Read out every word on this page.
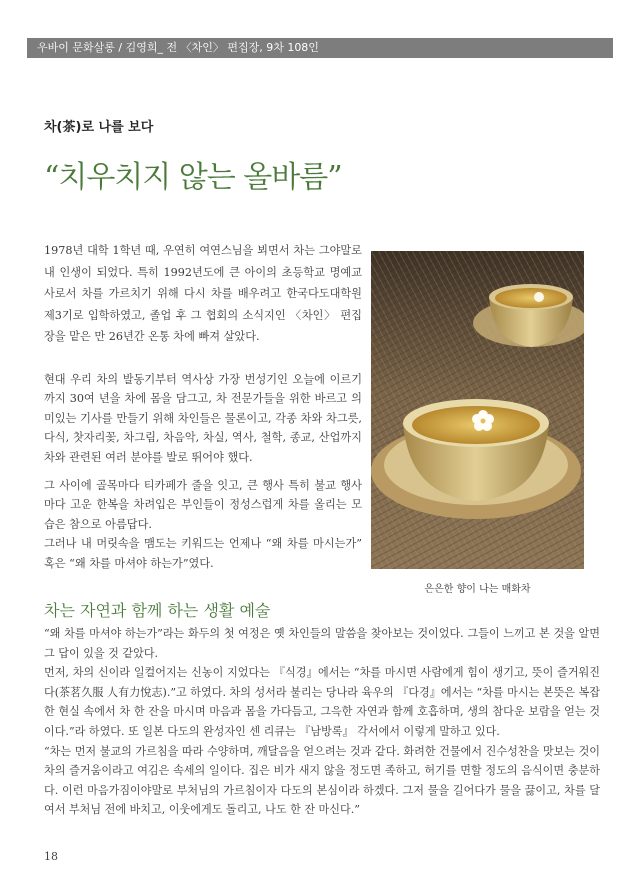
우바이 문화살롱 / 김영희_ 전 〈차인〉 편집장, 9차 108인
차(茶)로 나를 보다
“치우치지 않는 올바름”

1978년 대학 1학년 때, 우연히 여연스님을 뵈면서 차는 그야말로 내 인생이 되었다. 특히 1992년도에 큰 아이의 초등학교 명예교사로서 차를 가르치기 위해 다시 차를 배우려고 한국다도대학원 제3기로 입학하였고, 졸업 후 그 협회의 소식지인 〈차인〉 편집장을 맡은 만 26년간 온통 차에 빠져 살았다.

현대 우리 차의 발동기부터 역사상 가장 번성기인 오늘에 이르기까지 30여 년을 차에 몸을 담그고, 차 전문가들을 위한 바르고 의미있는 기사를 만들기 위해 차인들은 물론이고, 각종 차와 차그릇, 다식, 찻자리꽃, 차그림, 차음악, 차실, 역사, 철학, 종교, 산업까지 차와 관련된 여러 분야를 발로 뛰어야 했다.

그 사이에 골목마다 티카페가 줄을 잇고, 큰 행사 특히 불교 행사마다 고운 한복을 차려입은 부인들이 정성스럽게 차를 올리는 모습은 참으로 아름답다.

그러나 내 머릿속을 맴도는 키워드는 언제나 “왜 차를 마시는가” 혹은 “왜 차를 마셔야 하는가”였다.

은은한 향이 나는 매화차
차는 자연과 함께 하는 생활 예술

“왜 차를 마셔야 하는가”라는 화두의 첫 여정은 옛 차인들의 말씀을 찾아보는 것이었다. 그들이 느끼고 본 것을 알면 그 답이 있을 것 같았다.

먼저, 차의 신이라 일컬어지는 신농이 지었다는 『식경』에서는 “차를 마시면 사람에게 힘이 생기고, 뜻이 즐거워진다(茶茗久服 人有力悅志).”고 하였다. 차의 성서라 불리는 당나라 육우의 『다경』에서는 “차를 마시는 본뜻은 복잡한 현실 속에서 차 한 잔을 마시며 마음과 몸을 가다듬고, 그윽한 자연과 함께 호흡하며, 생의 참다운 보람을 얻는 것이다.”라 하였다. 또 일본 다도의 완성자인 센 리큐는 『남방록』 각서에서 이렇게 말하고 있다.

“차는 먼저 불교의 가르침을 따라 수양하며, 깨달음을 얻으려는 것과 같다. 화려한 건물에서 진수성찬을 맛보는 것이 차의 즐거움이라고 여김은 속세의 일이다. 집은 비가 새지 않을 정도면 족하고, 허기를 면할 정도의 음식이면 충분하다. 이런 마음가짐이야말로 부처님의 가르침이자 다도의 본심이라 하겠다. 그저 물을 길어다가 물을 끓이고, 차를 달여서 부처님 전에 바치고, 이웃에게도 돌리고, 나도 한 잔 마신다.”

18
